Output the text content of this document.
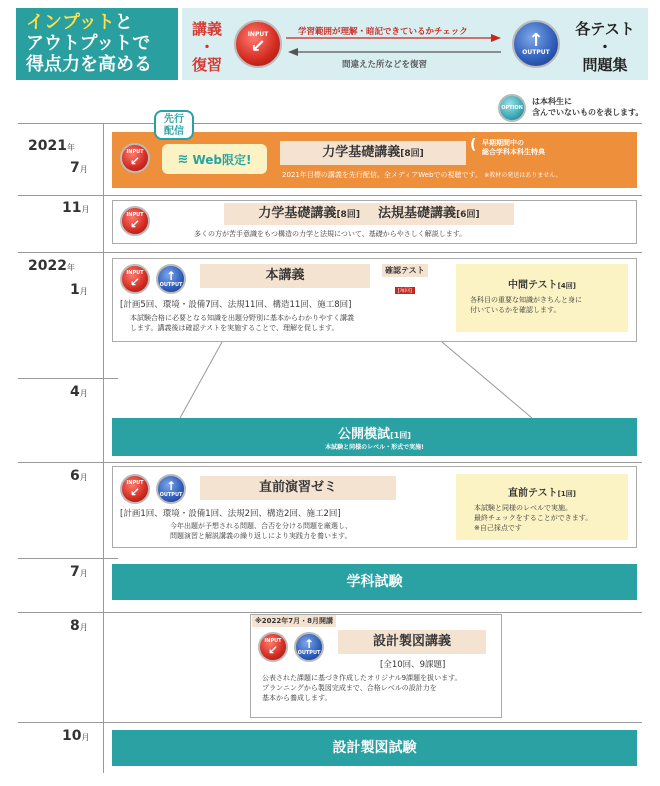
インプットと
アウトプットで
得点力を高める
講義
・
復習
INPUT
↙
学習範囲が理解・暗記できているかチェック
間違えた所などを復習
↑
OUTPUT
各テスト
・
問題集
OPTION
は本科生に
含んでいないものを表します。
2021年
7月
11月
2022年
1月
4月
6月
7月
8月
10月
INPUT
↙
先行
配信
≋ Web限定!	力学基礎講義[8回]
( 早期期間中の
総合学科本科生特典
2021年目標の講義を先行配信。全メディアWebでの視聴です。 ※教材の発送はありません。
INPUT
↙
力学基礎講義[8回] 法規基礎講義[6回]
多くの方が苦手意識をもつ構造の力学と法規について、基礎からやさしく解説します。
INPUT
↙ ↑
OUTPUT
本講義	確認テスト
[毎回]
[計画5回、環境・設備7回、法規11回、構造11回、施工8回]
本試験合格に必要となる知識を出題分野別に基本からわかりやすく講義
します。講義後は確認テストを実施することで、理解を促します。
中間テスト[4回]
各科目の重要な知識がきちんと身に
付いているかを確認します。
公開模試[1回]
本試験と同様のレベル・形式で実施!
INPUT
↙ ↑
OUTPUT	直前演習ゼミ
[計画1回、環境・設備1回、法規2回、構造2回、施工2回]
今年出題が予想される問題、合否を分ける問題を厳選し、
問題演習と解説講義の繰り返しにより実践力を養います。
直前テスト[1回]
本試験と同様のレベルで実施。
最終チェックをすることができます。
※自己採点です
学科試験
※2022年7月・8月開講
INPUT
↙ ↑
OUTPUT
設計製図講義
[全10回、9課題]
公表された課題に基づき作成したオリジナル9課題を扱います。
プランニングから製図完成まで、合格レベルの設計力を
基本から養成します。
設計製図試験
